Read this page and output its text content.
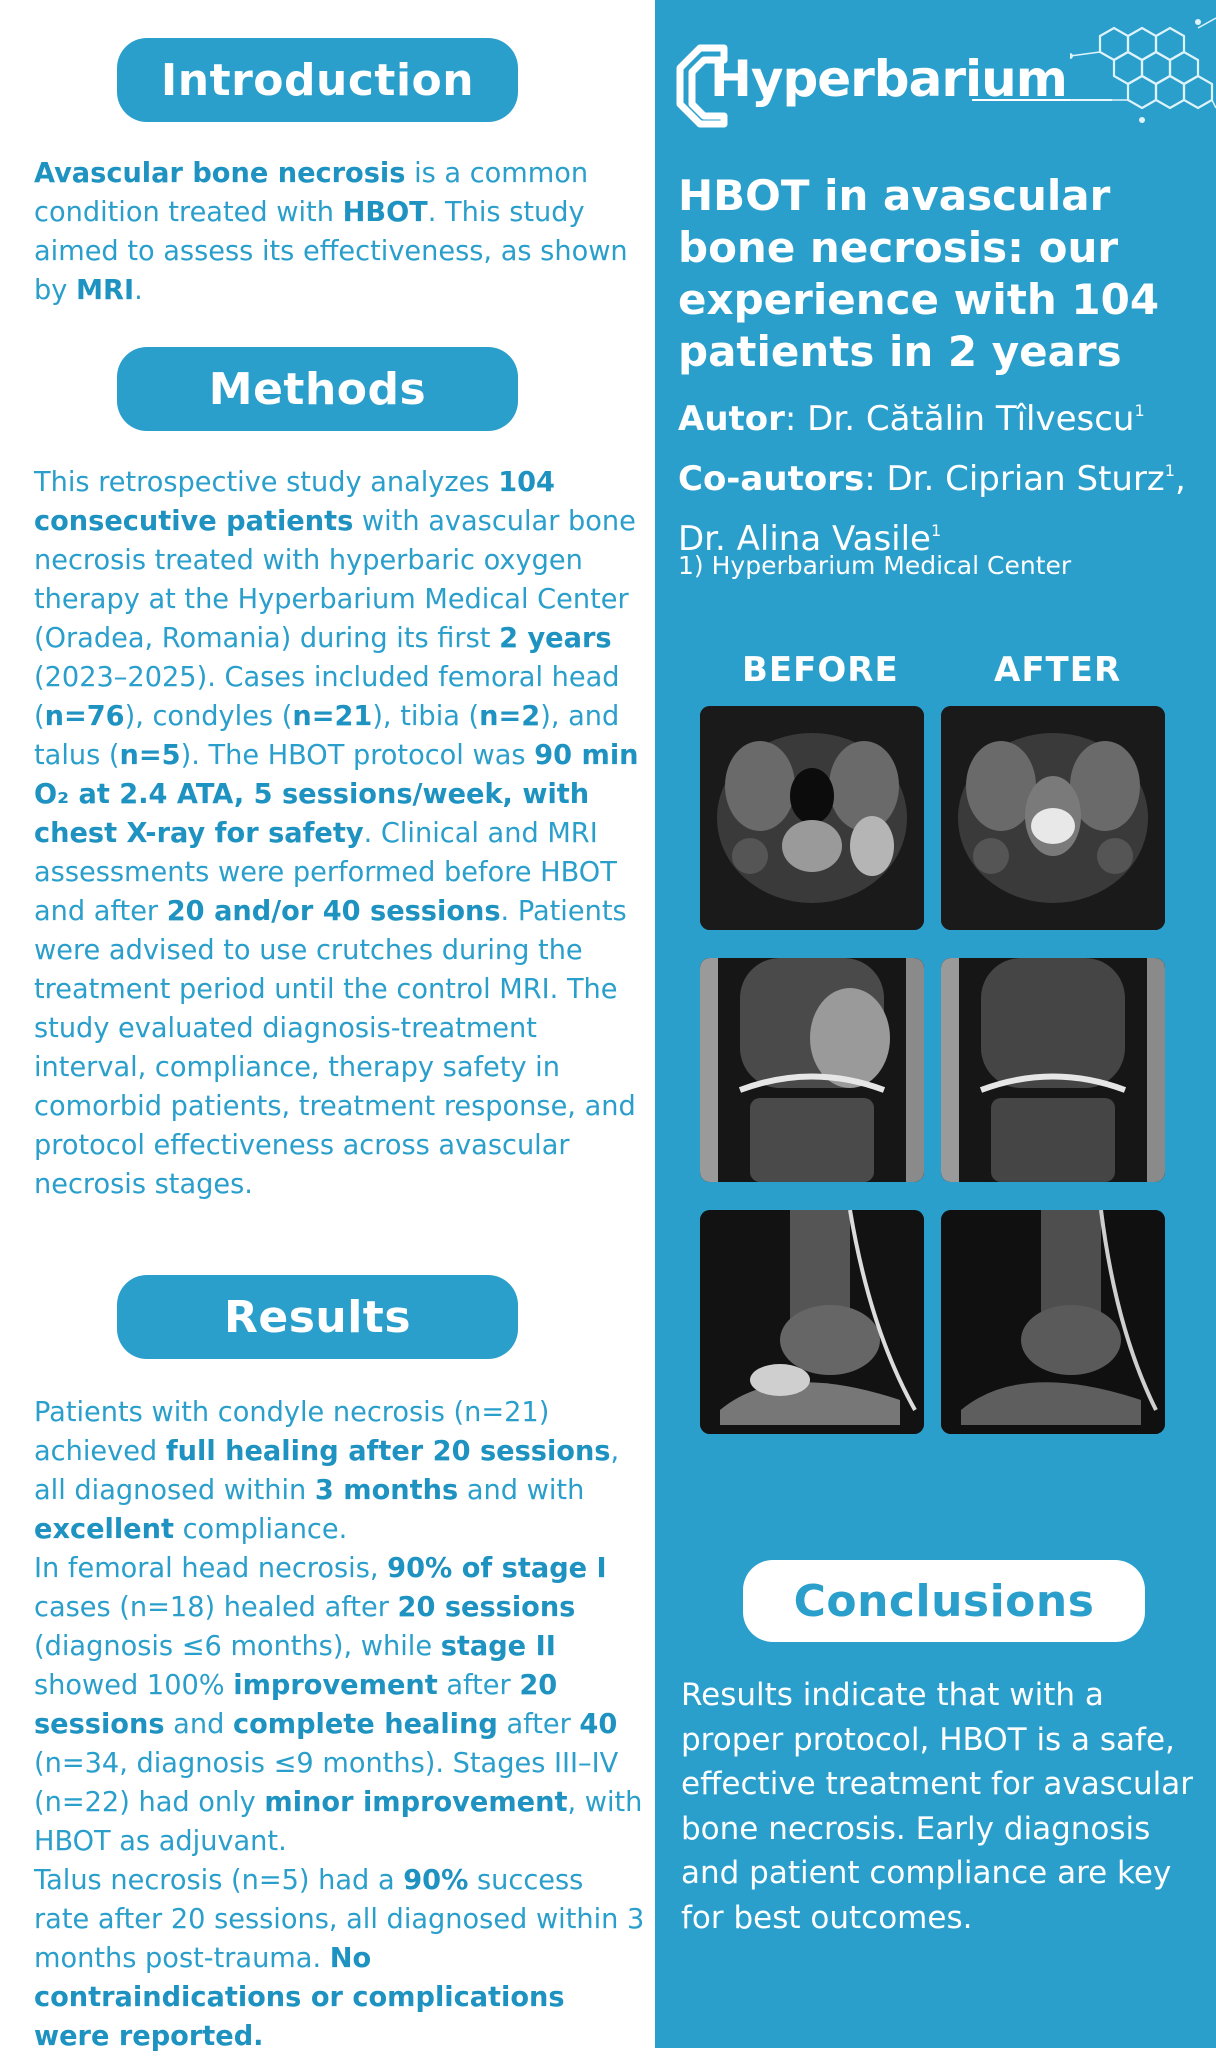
Introduction
Avascular bone necrosis is a common condition treated with HBOT. This study aimed to assess its effectiveness, as shown by MRI.
Methods
This retrospective study analyzes 104 consecutive patients with avascular bone necrosis treated with hyperbaric oxygen therapy at the Hyperbarium Medical Center (Oradea, Romania) during its first 2 years (2023–2025). Cases included femoral head (n=76), condyles (n=21), tibia (n=2), and talus (n=5). The HBOT protocol was 90 min O₂ at 2.4 ATA, 5 sessions/week, with chest X-ray for safety. Clinical and MRI assessments were performed before HBOT and after 20 and/or 40 sessions. Patients were advised to use crutches during the treatment period until the control MRI. The study evaluated diagnosis-treatment interval, compliance, therapy safety in comorbid patients, treatment response, and protocol effectiveness across avascular necrosis stages.
Results
Patients with condyle necrosis (n=21) achieved full healing after 20 sessions, all diagnosed within 3 months and with excellent compliance.
In femoral head necrosis, 90% of stage I cases (n=18) healed after 20 sessions (diagnosis ≤6 months), while stage II showed 100% improvement after 20 sessions and complete healing after 40 (n=34, diagnosis ≤9 months). Stages III–IV (n=22) had only minor improvement, with HBOT as adjuvant.
Talus necrosis (n=5) had a 90% success rate after 20 sessions, all diagnosed within 3 months post-trauma. No contraindications or complications were reported.
Hyperbarium
HBOT in avascular bone necrosis: our experience with 104 patients in 2 years
Autor: Dr. Cătălin Tîlvescu$^1$
Co-autors: Dr. Ciprian Sturz$^1$,
Dr. Alina Vasile$^1$
1) Hyperbarium Medical Center
BEFORE	AFTER
Conclusions
Results indicate that with a proper protocol, HBOT is a safe, effective treatment for avascular bone necrosis. Early diagnosis and patient compliance are key for best outcomes.
